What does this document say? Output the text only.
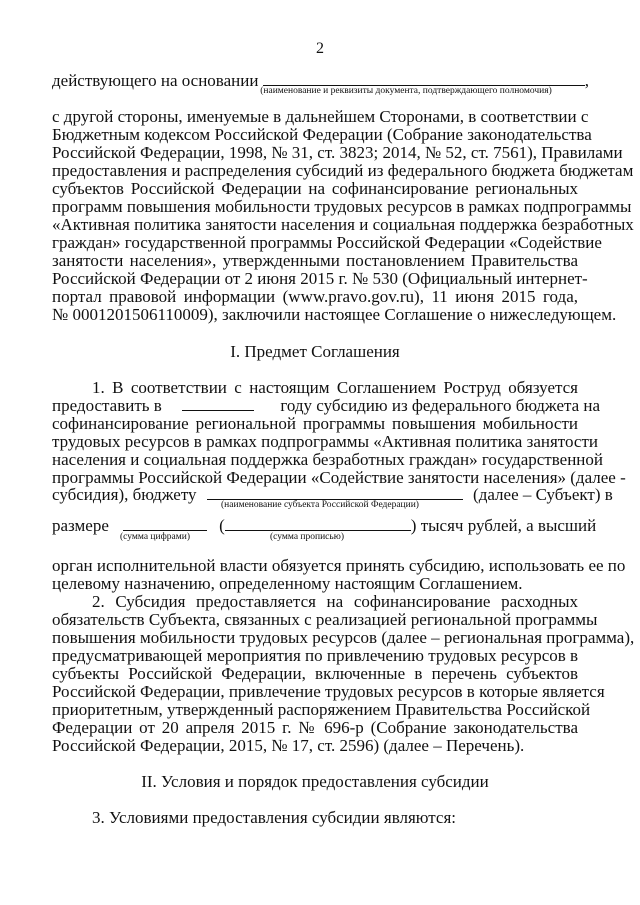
2
действующего на основании	,
(наименование и реквизиты документа, подтверждающего полномочия)
с другой стороны, именуемые в дальнейшем Сторонами, в соответствии с
Бюджетным кодексом Российской Федерации (Собрание законодательства
Российской Федерации, 1998, № 31, ст. 3823; 2014, № 52, ст. 7561), Правилами
предоставления и распределения субсидий из федерального бюджета бюджетам
субъектов Российской Федерации на софинансирование региональных
программ повышения мобильности трудовых ресурсов в рамках подпрограммы
«Активная политика занятости населения и социальная поддержка безработных
граждан» государственной программы Российской Федерации «Содействие
занятости населения», утвержденными постановлением Правительства
Российской Федерации от 2 июня 2015 г. № 530 (Официальный интернет-
портал правовой информации (www.pravo.gov.ru), 11 июня 2015 года,
№ 0001201506110009), заключили настоящее Соглашение о нижеследующем.
I. Предмет Соглашения
1. В соответствии с настоящим Соглашением Роструд обязуется
предоставить в	году субсидию из федерального бюджета на
софинансирование региональной программы повышения мобильности
трудовых ресурсов в рамках подпрограммы «Активная политика занятости
населения и социальная поддержка безработных граждан» государственной
программы Российской Федерации «Содействие занятости населения» (далее -
субсидия), бюджету	(далее – Субъект) в
(наименование субъекта Российской Федерации)
размере	(	) тысяч рублей, а высший
(сумма цифрами)	(сумма прописью)
орган исполнительной власти обязуется принять субсидию, использовать ее по
целевому назначению, определенному настоящим Соглашением.
2. Субсидия предоставляется на софинансирование расходных
обязательств Субъекта, связанных с реализацией региональной программы
повышения мобильности трудовых ресурсов (далее – региональная программа),
предусматривающей мероприятия по привлечению трудовых ресурсов в
субъекты Российской Федерации, включенные в перечень субъектов
Российской Федерации, привлечение трудовых ресурсов в которые является
приоритетным, утвержденный распоряжением Правительства Российской
Федерации от 20 апреля 2015 г. № 696-р (Собрание законодательства
Российской Федерации, 2015, № 17, ст. 2596) (далее – Перечень).
II. Условия и порядок предоставления субсидии
3. Условиями предоставления субсидии являются:
